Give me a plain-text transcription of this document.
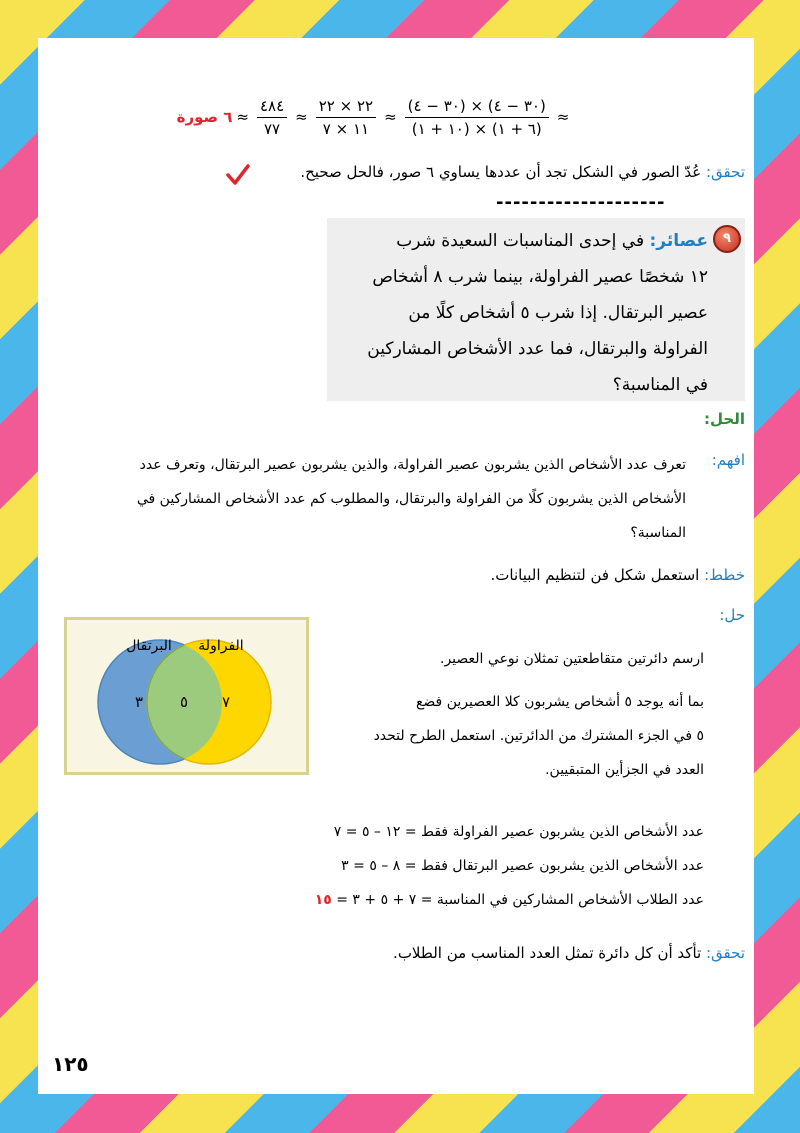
≈
$\frac{(٣٠ - ٤) \times (٣٠ - ٤)}{(٦ + ١) \times (١٠ + ١)}$
≈
$\frac{٢٢ \times ٢٢}{١١ \times ٧}$
≈
$\frac{٤٨٤}{٧٧}$
≈
٦ صورة
تحقق: عُدّ الصور في الشكل تجد أن عددها يساوي ٦ صور، فالحل صحيح.
--------------------
٩
عصائر: في إحدى المناسبات السعيدة شرب
١٢ شخصًا عصير الفراولة، بينما شرب ٨ أشخاص
عصير البرتقال. إذا شرب ٥ أشخاص كلًا من
الفراولة والبرتقال، فما عدد الأشخاص المشاركين
في المناسبة؟
الحل:
افهم:
تعرف عدد الأشخاص الذين يشربون عصير الفراولة، والذين يشربون عصير البرتقال، وتعرف عدد
الأشخاص الذين يشربون كلًا من الفراولة والبرتقال، والمطلوب كم عدد الأشخاص المشاركين في
المناسبة؟
خطط: استعمل شكل فن لتنظيم البيانات.
حل:
البرتقال الفراولة
٣ ٥ ٧
ارسم دائرتين متقاطعتين تمثلان نوعي العصير.
بما أنه يوجد ٥ أشخاص يشربون كلا العصيرين فضع
٥ في الجزء المشترك من الدائرتين. استعمل الطرح لتحدد
العدد في الجزأين المتبقيين.
عدد الأشخاص الذين يشربون عصير الفراولة فقط = ١٢ – ٥ = ٧
عدد الأشخاص الذين يشربون عصير البرتقال فقط = ٨ – ٥ = ٣
عدد الطلاب الأشخاص المشاركين في المناسبة = ٧ + ٥ + ٣ = ١٥
تحقق: تأكد أن كل دائرة تمثل العدد المناسب من الطلاب.
١٢٥
